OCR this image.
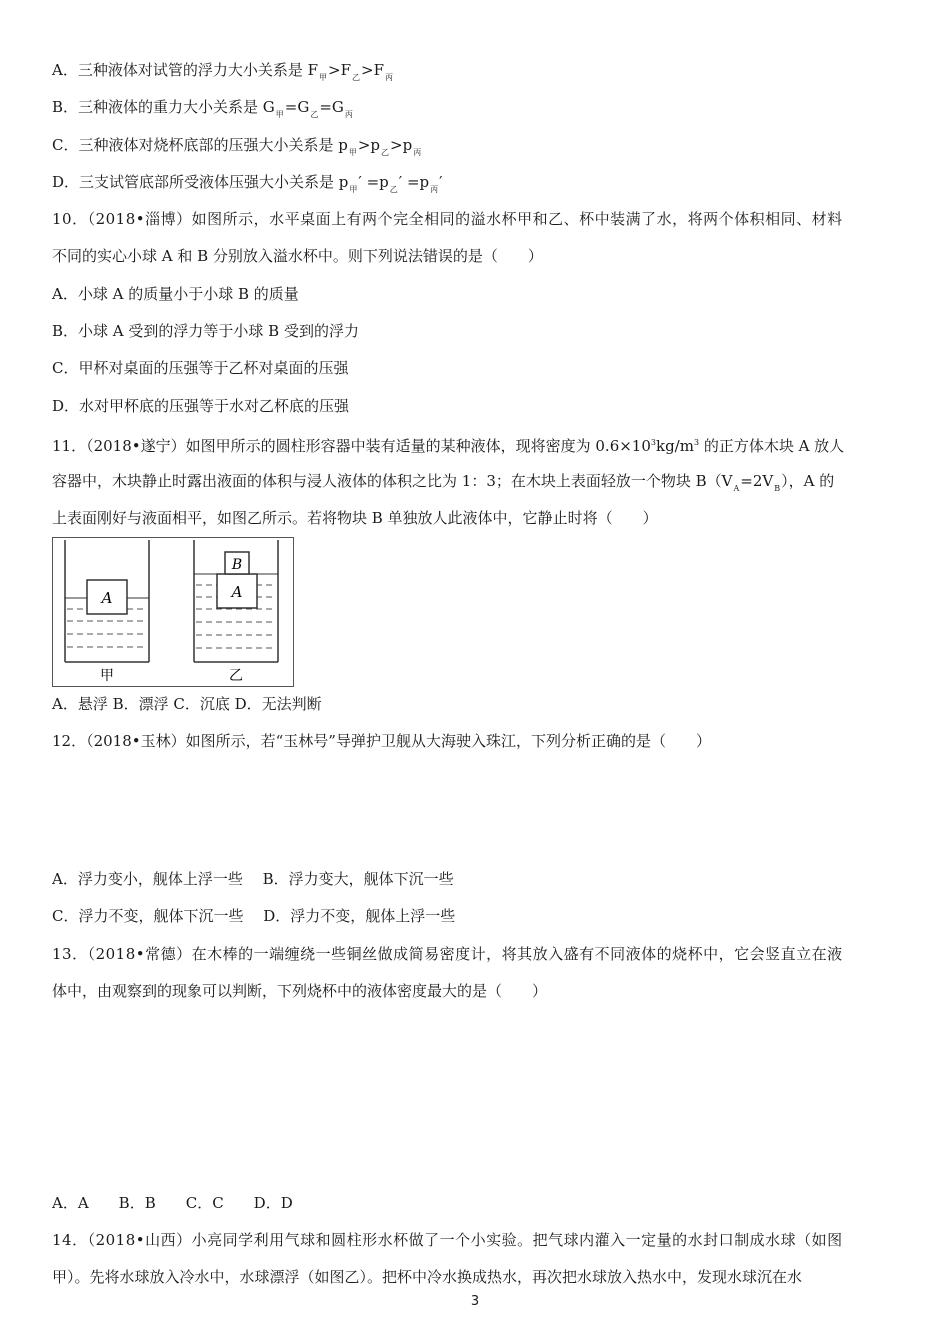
A．三种液体对试管的浮力大小关系是 $F_甲>F_乙>F_丙$
B．三种液体的重力大小关系是 $G_甲=G_乙=G_丙$
C．三种液体对烧杯底部的压强大小关系是 $p_甲>p_乙>p_丙$
D．三支试管底部所受液体压强大小关系是 $p_甲' =p_乙' =p_丙'$
10．（2018•淄博）如图所示，水平桌面上有两个完全相同的溢水杯甲和乙、杯中装满了水，将两个体积相同、材料
不同的实心小球 A 和 B 分别放入溢水杯中。则下列说法错误的是（　　）
A．小球 A 的质量小于小球 B 的质量
B．小球 A 受到的浮力等于小球 B 受到的浮力
C．甲杯对桌面的压强等于乙杯对桌面的压强
D．水对甲杯底的压强等于水对乙杯底的压强
11．（2018•遂宁）如图甲所示的圆柱形容器中装有适量的某种液体，现将密度为 $0.6\times 10^3kg/m^3$ 的正方体木块 A 放人
容器中，木块静止时露出液面的体积与浸人液体的体积之比为 1：3；在木块上表面轻放一个物块 $B(V_A=2V_B)$，A 的
上表面刚好与液面相平，如图乙所示。若将物块 B 单独放人此液体中，它静止时将（　　）
A	A
B
甲	乙
A．悬浮 B．漂浮 C．沉底 D．无法判断
12．（2018•玉林）如图所示，若“玉林号”导弹护卫舰从大海驶入珠江，下列分析正确的是（　　）
A．浮力变小，舰体上浮一些　 B．浮力变大，舰体下沉一些
C．浮力不变，舰体下沉一些　 D．浮力不变，舰体上浮一些
13．（2018•常德）在木棒的一端缠绕一些铜丝做成简易密度计，将其放入盛有不同液体的烧杯中，它会竖直立在液
体中，由观察到的现象可以判断，下列烧杯中的液体密度最大的是（　　）
A．A　　B．B　　C．C　　D．D
14．（2018•山西）小亮同学利用气球和圆柱形水杯做了一个小实验。把气球内灌入一定量的水封口制成水球（如图
甲）。先将水球放入冷水中，水球漂浮（如图乙）。把杯中冷水换成热水，再次把水球放入热水中，发现水球沉在水
3
